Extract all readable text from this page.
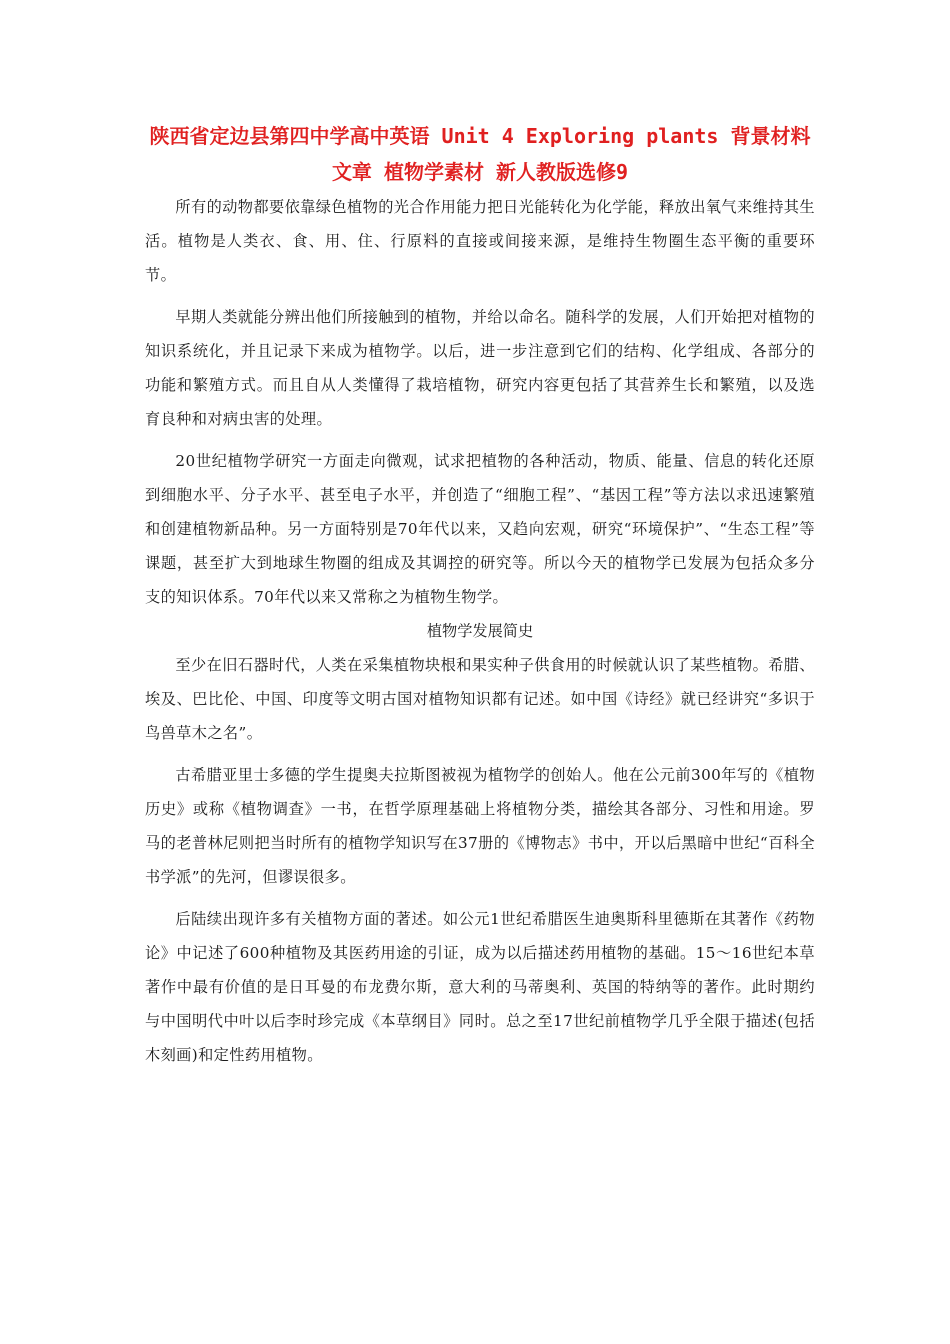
陕西省定边县第四中学高中英语 Unit 4 Exploring plants 背景材料 文章 植物学素材 新人教版选修9

所有的动物都要依靠绿色植物的光合作用能力把日光能转化为化学能，释放出氧气来维持其生活。植物是人类衣、食、用、住、行原料的直接或间接来源，是维持生物圈生态平衡的重要环节。

早期人类就能分辨出他们所接触到的植物，并给以命名。随科学的发展，人们开始把对植物的知识系统化，并且记录下来成为植物学。以后，进一步注意到它们的结构、化学组成、各部分的功能和繁殖方式。而且自从人类懂得了栽培植物，研究内容更包括了其营养生长和繁殖，以及选育良种和对病虫害的处理。

20世纪植物学研究一方面走向微观，试求把植物的各种活动，物质、能量、信息的转化还原到细胞水平、分子水平、甚至电子水平，并创造了“细胞工程”、“基因工程”等方法以求迅速繁殖和创建植物新品种。另一方面特别是70年代以来，又趋向宏观，研究“环境保护”、“生态工程”等课题，甚至扩大到地球生物圈的组成及其调控的研究等。所以今天的植物学已发展为包括众多分支的知识体系。70年代以来又常称之为植物生物学。

植物学发展简史

至少在旧石器时代，人类在采集植物块根和果实种子供食用的时候就认识了某些植物。希腊、埃及、巴比伦、中国、印度等文明古国对植物知识都有记述。如中国《诗经》就已经讲究“多识于鸟兽草木之名”。

古希腊亚里士多德的学生提奥夫拉斯图被视为植物学的创始人。他在公元前300年写的《植物历史》或称《植物调查》一书，在哲学原理基础上将植物分类，描绘其各部分、习性和用途。罗马的老普林尼则把当时所有的植物学知识写在37册的《博物志》书中，开以后黑暗中世纪“百科全书学派”的先河，但谬误很多。

后陆续出现许多有关植物方面的著述。如公元1世纪希腊医生迪奥斯科里德斯在其著作《药物论》中记述了600种植物及其医药用途的引证，成为以后描述药用植物的基础。15～16世纪本草著作中最有价值的是日耳曼的布龙费尔斯，意大利的马蒂奥利、英国的特纳等的著作。此时期约与中国明代中叶以后李时珍完成《本草纲目》同时。总之至17世纪前植物学几乎全限于描述(包括木刻画)和定性药用植物。
